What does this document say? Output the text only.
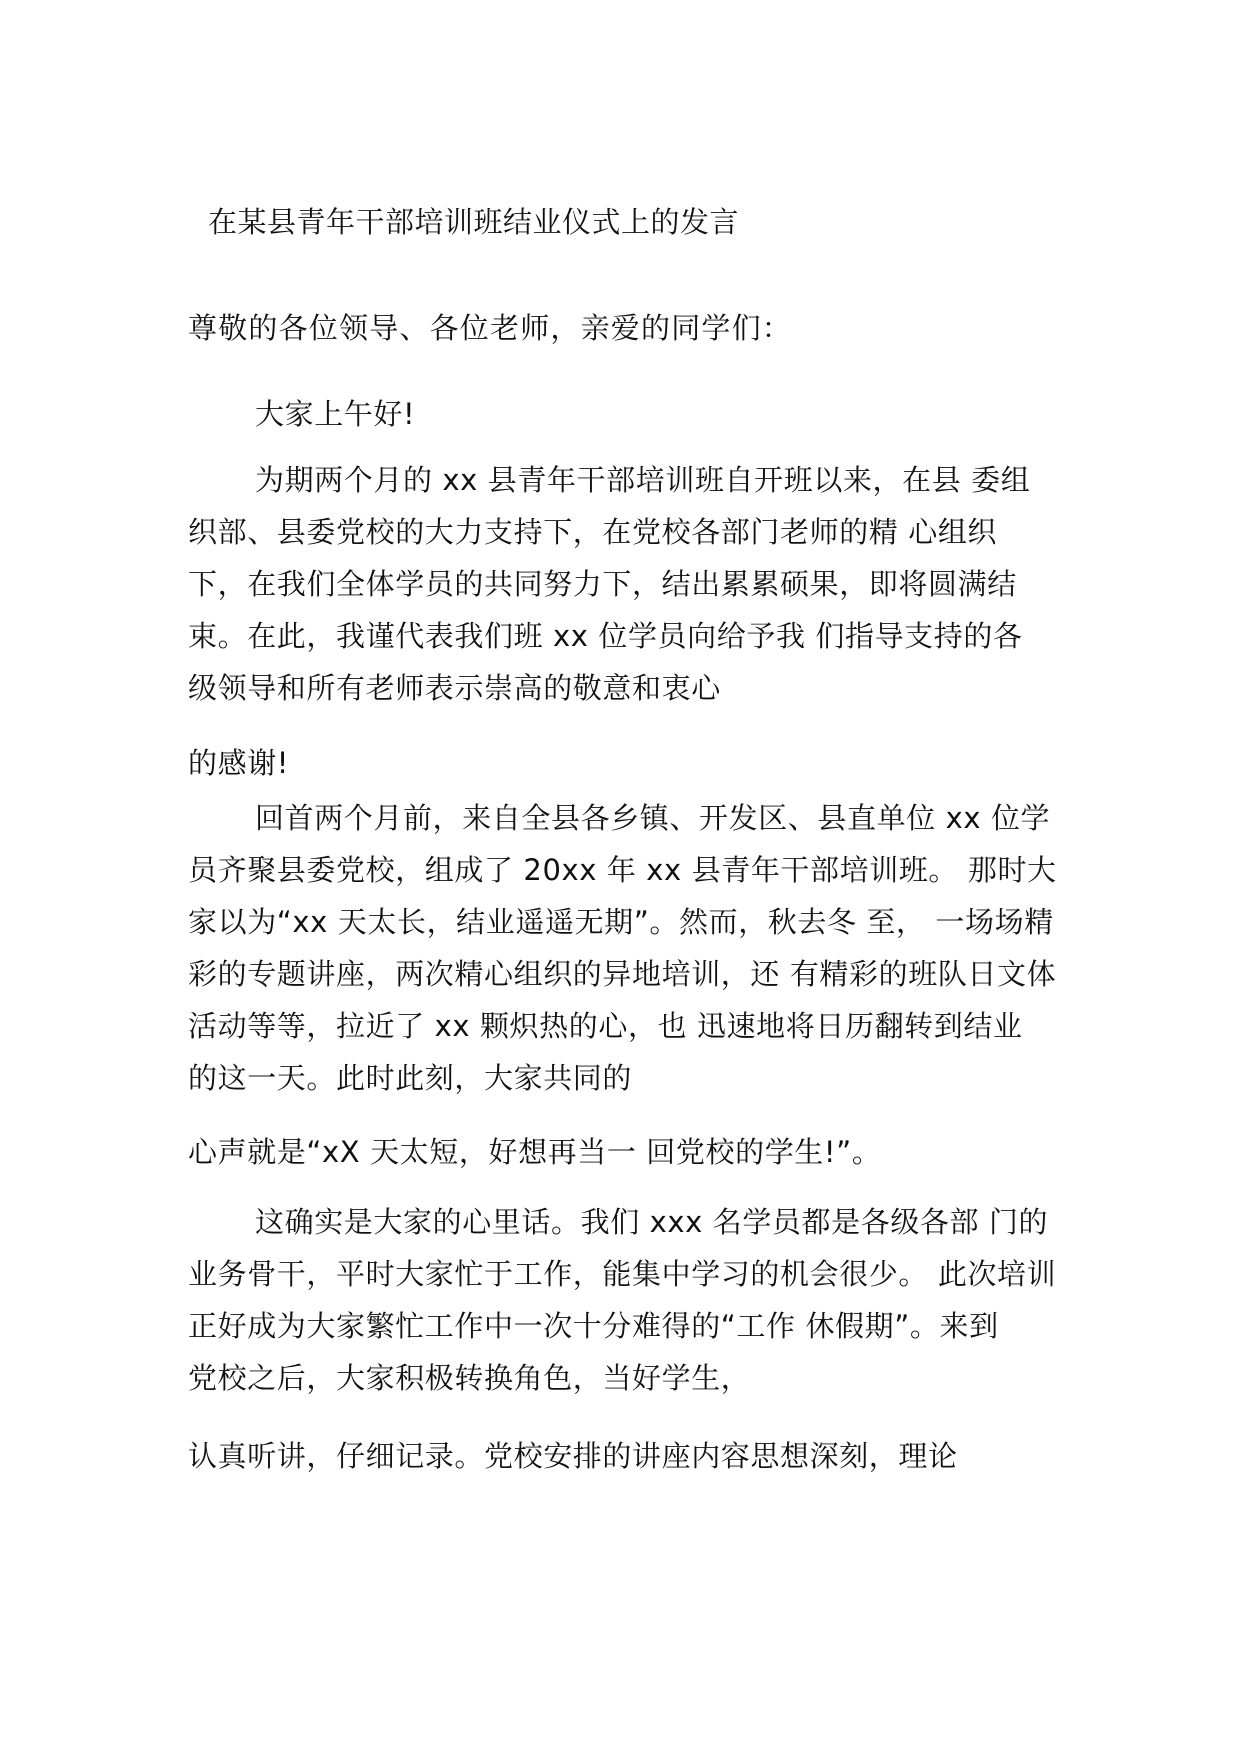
在某县青年干部培训班结业仪式上的发言
尊敬的各位领导、各位老师，亲爱的同学们：
大家上午好!
为期两个月的 xx 县青年干部培训班自开班以来，在县 委组
织部、县委党校的大力支持下，在党校各部门老师的精 心组织
下，在我们全体学员的共同努力下，结出累累硕果，即将圆满结
束。在此，我谨代表我们班 xx 位学员向给予我 们指导支持的各
级领导和所有老师表示崇高的敬意和衷心
的感谢!
回首两个月前，来自全县各乡镇、开发区、县直单位 xx 位学
员齐聚县委党校，组成了 20xx 年 xx 县青年干部培训班。 那时大
家以为“xx 天太长，结业遥遥无期”。然而，秋去冬 至， 一场场精
彩的专题讲座，两次精心组织的异地培训，还 有精彩的班队日文体
活动等等，拉近了 xx 颗炽热的心，也 迅速地将日历翻转到结业
的这一天。此时此刻，大家共同的
心声就是“xX 天太短，好想再当一 回党校的学生!”。
这确实是大家的心里话。我们 xxx 名学员都是各级各部 门的
业务骨干，平时大家忙于工作，能集中学习的机会很少。 此次培训
正好成为大家繁忙工作中一次十分难得的“工作 休假期”。来到
党校之后，大家积极转换角色，当好学生，
认真听讲，仔细记录。党校安排的讲座内容思想深刻，理论
